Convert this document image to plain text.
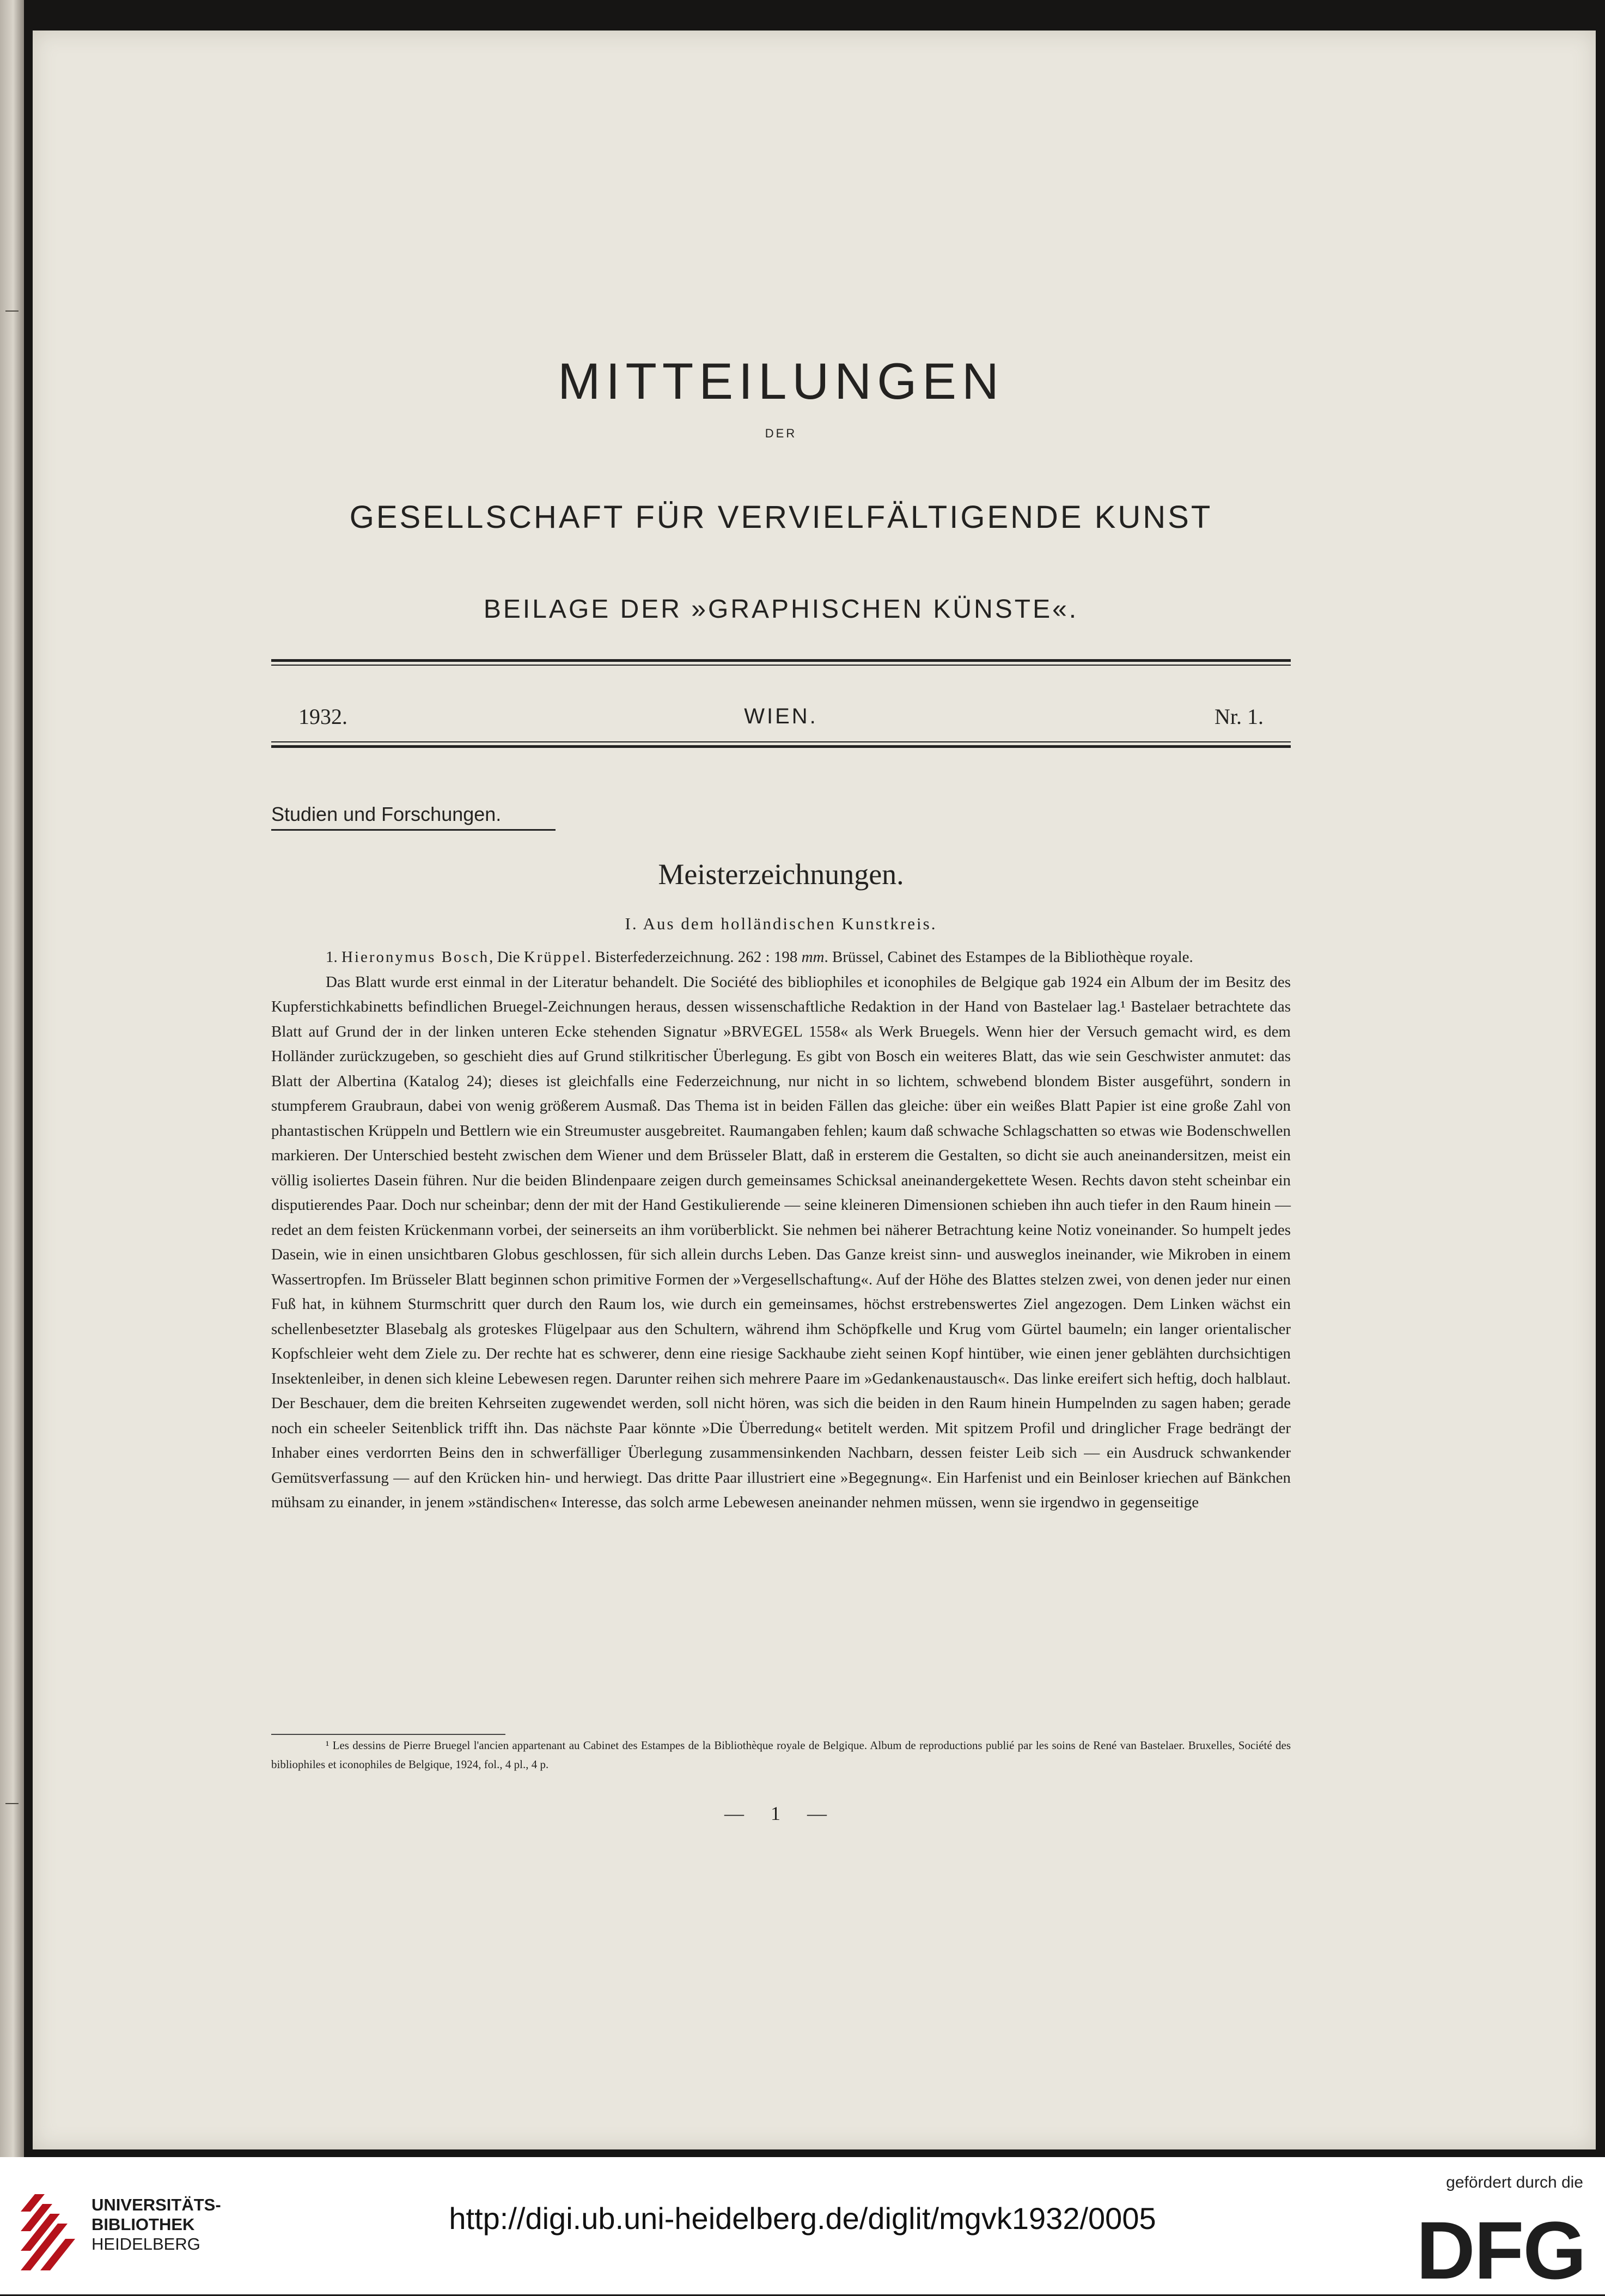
MITTEILUNGEN
DER
GESELLSCHAFT FÜR VERVIELFÄLTIGENDE KUNST
BEILAGE DER »GRAPHISCHEN KÜNSTE«.
1932.	WIEN.	Nr. 1.
Studien und Forschungen.
Meisterzeichnungen.
I. Aus dem holländischen Kunstkreis.

1. Hieronymus Bosch, Die Krüppel. Bisterfederzeichnung. 262 : 198 mm. Brüssel, Cabinet des Estampes de la Bibliothèque royale.

Das Blatt wurde erst einmal in der Literatur behandelt. Die Société des bibliophiles et iconophiles de Belgique gab 1924 ein Album der im Besitz des Kupferstichkabinetts befindlichen Bruegel-Zeichnungen heraus, dessen wissenschaftliche Redaktion in der Hand von Bastelaer lag.¹ Bastelaer betrachtete das Blatt auf Grund der in der linken unteren Ecke stehenden Signatur »BRVEGEL 1558« als Werk Bruegels. Wenn hier der Versuch gemacht wird, es dem Holländer zurückzugeben, so geschieht dies auf Grund stilkritischer Überlegung. Es gibt von Bosch ein weiteres Blatt, das wie sein Geschwister anmutet: das Blatt der Albertina (Katalog 24); dieses ist gleichfalls eine Federzeichnung, nur nicht in so lichtem, schwebend blondem Bister ausgeführt, sondern in stumpferem Graubraun, dabei von wenig größerem Ausmaß. Das Thema ist in beiden Fällen das gleiche: über ein weißes Blatt Papier ist eine große Zahl von phantastischen Krüppeln und Bettlern wie ein Streumuster ausgebreitet. Raumangaben fehlen; kaum daß schwache Schlagschatten so etwas wie Bodenschwellen markieren. Der Unterschied besteht zwischen dem Wiener und dem Brüsseler Blatt, daß in ersterem die Gestalten, so dicht sie auch aneinandersitzen, meist ein völlig isoliertes Dasein führen. Nur die beiden Blindenpaare zeigen durch gemeinsames Schicksal aneinandergekettete Wesen. Rechts davon steht scheinbar ein disputierendes Paar. Doch nur scheinbar; denn der mit der Hand Gestikulierende — seine kleineren Dimensionen schieben ihn auch tiefer in den Raum hinein — redet an dem feisten Krückenmann vorbei, der seinerseits an ihm vorüberblickt. Sie nehmen bei näherer Betrachtung keine Notiz voneinander. So humpelt jedes Dasein, wie in einen unsichtbaren Globus geschlossen, für sich allein durchs Leben. Das Ganze kreist sinn- und ausweglos ineinander, wie Mikroben in einem Wassertropfen. Im Brüsseler Blatt beginnen schon primitive Formen der »Vergesellschaftung«. Auf der Höhe des Blattes stelzen zwei, von denen jeder nur einen Fuß hat, in kühnem Sturmschritt quer durch den Raum los, wie durch ein gemeinsames, höchst erstrebenswertes Ziel angezogen. Dem Linken wächst ein schellenbesetzter Blasebalg als groteskes Flügelpaar aus den Schultern, während ihm Schöpfkelle und Krug vom Gürtel baumeln; ein langer orientalischer Kopfschleier weht dem Ziele zu. Der rechte hat es schwerer, denn eine riesige Sackhaube zieht seinen Kopf hintüber, wie einen jener geblähten durchsichtigen Insektenleiber, in denen sich kleine Lebewesen regen. Darunter reihen sich mehrere Paare im »Gedankenaustausch«. Das linke ereifert sich heftig, doch halblaut. Der Beschauer, dem die breiten Kehrseiten zugewendet werden, soll nicht hören, was sich die beiden in den Raum hinein Humpelnden zu sagen haben; gerade noch ein scheeler Seitenblick trifft ihn. Das nächste Paar könnte »Die Überredung« betitelt werden. Mit spitzem Profil und dringlicher Frage bedrängt der Inhaber eines verdorrten Beins den in schwerfälliger Überlegung zusammensinkenden Nachbarn, dessen feister Leib sich — ein Ausdruck schwankender Gemütsverfassung — auf den Krücken hin- und herwiegt. Das dritte Paar illustriert eine »Begegnung«. Ein Harfenist und ein Beinloser kriechen auf Bänkchen mühsam zu einander, in jenem »ständischen« Interesse, das solch arme Lebewesen aneinander nehmen müssen, wenn sie irgendwo in gegenseitige

¹ Les dessins de Pierre Bruegel l'ancien appartenant au Cabinet des Estampes de la Bibliothèque royale de Belgique. Album de reproductions publié par les soins de René van Bastelaer. Bruxelles, Société des bibliophiles et iconophiles de Belgique, 1924, fol., 4 pl., 4 p.
— 1 —
UNIVERSITÄTS-
BIBLIOTHEK
HEIDELBERG
http://digi.ub.uni-heidelberg.de/diglit/mgvk1932/0005
gefördert durch die
DFG
